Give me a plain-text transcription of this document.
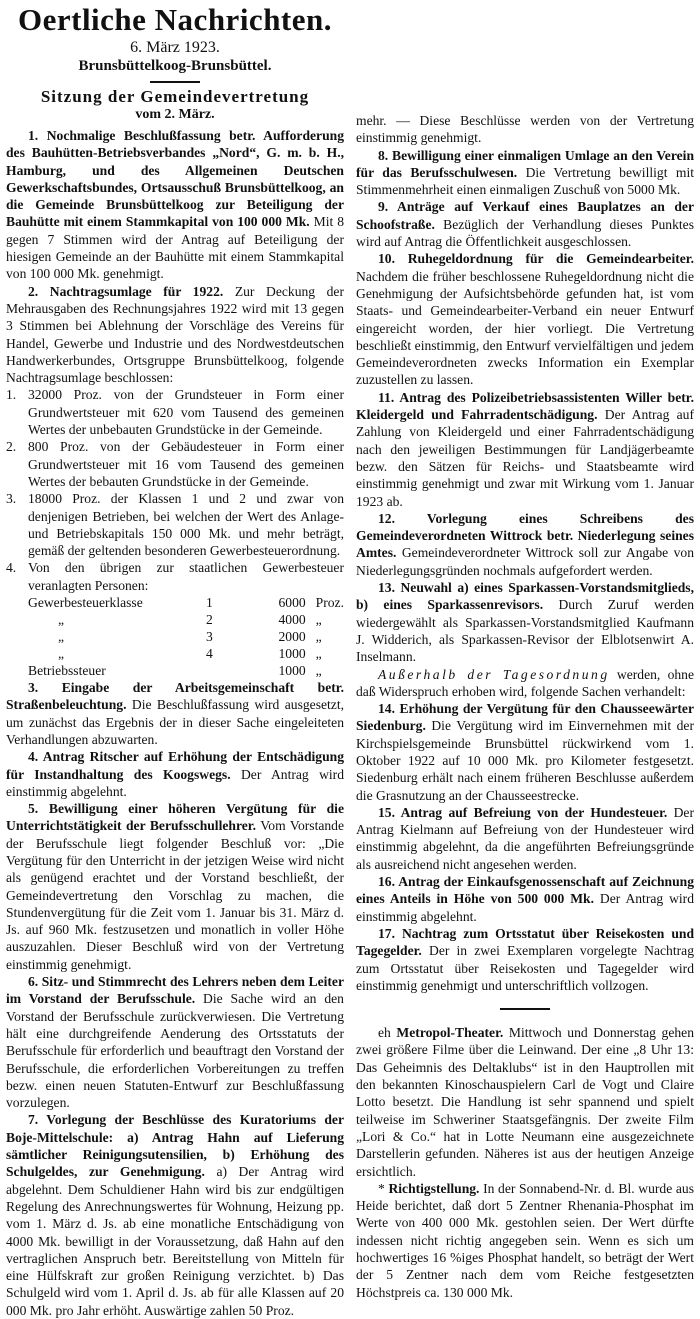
Oertliche Nachrichten.
6. März 1923.
Brunsbüttelkoog-Brunsbüttel.
Sitzung der Gemeindevertretung
vom 2. März.

1. Nochmalige Beschlußfassung betr. Aufforderung des Bauhütten-Betriebsverbandes „Nord“, G. m. b. H., Hamburg, und des Allgemeinen Deutschen Gewerkschaftsbundes, Ortsausschuß Brunsbüttelkoog, an die Gemeinde Brunsbüttelkoog zur Beteiligung der Bauhütte mit einem Stammkapital von 100 000 Mk. Mit 8 gegen 7 Stimmen wird der Antrag auf Beteiligung der hiesigen Gemeinde an der Bauhütte mit einem Stammkapital von 100 000 Mk. genehmigt.

2. Nachtragsumlage für 1922. Zur Deckung der Mehrausgaben des Rechnungsjahres 1922 wird mit 13 gegen 3 Stimmen bei Ablehnung der Vorschläge des Vereins für Handel, Gewerbe und Industrie und des Nordwestdeutschen Handwerkerbundes, Ortsgruppe Brunsbüttelkoog, folgende Nachtragsumlage beschlossen:

1. 32000 Proz. von der Grundsteuer in Form einer Grundwertsteuer mit 620 vom Tausend des gemeinen Wertes der unbebauten Grundstücke in der Gemeinde.
2. 800 Proz. von der Gebäudesteuer in Form einer Grundwertsteuer mit 16 vom Tausend des gemeinen Wertes der bebauten Grundstücke in der Gemeinde.
3. 18000 Proz. der Klassen 1 und 2 und zwar von denjenigen Betrieben, bei welchen der Wert des Anlage- und Betriebskapitals 150 000 Mk. und mehr beträgt, gemäß der geltenden besonderen Gewerbesteuerordnung.
4. Von den übrigen zur staatlichen Gewerbesteuer veranlagten Personen:
Gewerbesteuerklasse	1	6000	Proz.
„	2	4000	„
„	3	2000	„
„	4	1000	„
Betriebssteuer		1000	„

3. Eingabe der Arbeitsgemeinschaft betr. Straßenbeleuchtung. Die Beschlußfassung wird ausgesetzt, um zunächst das Ergebnis der in dieser Sache eingeleiteten Verhandlungen abzuwarten.

4. Antrag Ritscher auf Erhöhung der Entschädigung für Instandhaltung des Koogswegs. Der Antrag wird einstimmig abgelehnt.

5. Bewilligung einer höheren Vergütung für die Unterrichtstätigkeit der Berufsschullehrer. Vom Vorstande der Berufsschule liegt folgender Beschluß vor: „Die Vergütung für den Unterricht in der jetzigen Weise wird nicht als genügend erachtet und der Vorstand beschließt, der Gemeindevertretung den Vorschlag zu machen, die Stundenvergütung für die Zeit vom 1. Januar bis 31. März d. Js. auf 960 Mk. festzusetzen und monatlich in voller Höhe auszuzahlen. Dieser Beschluß wird von der Vertretung einstimmig genehmigt.

6. Sitz- und Stimmrecht des Lehrers neben dem Leiter im Vorstand der Berufsschule. Die Sache wird an den Vorstand der Berufsschule zurückverwiesen. Die Vertretung hält eine durchgreifende Aenderung des Ortsstatuts der Berufsschule für erforderlich und beauftragt den Vorstand der Berufsschule, die erforderlichen Vorbereitungen zu treffen bezw. einen neuen Statuten-Entwurf zur Beschlußfassung vorzulegen.

7. Vorlegung der Beschlüsse des Kuratoriums der Boje-Mittelschule: a) Antrag Hahn auf Lieferung sämtlicher Reinigungsutensilien, b) Erhöhung des Schulgeldes, zur Genehmigung. a) Der Antrag wird abgelehnt. Dem Schuldiener Hahn wird bis zur endgültigen Regelung des Anrechnungswertes für Wohnung, Heizung pp. vom 1. März d. Js. ab eine monatliche Entschädigung von 4000 Mk. bewilligt in der Voraussetzung, daß Hahn auf den vertraglichen Anspruch betr. Bereitstellung von Mitteln für eine Hülfskraft zur großen Reinigung verzichtet. b) Das Schulgeld wird vom 1. April d. Js. ab für alle Klassen auf 20 000 Mk. pro Jahr erhöht. Auswärtige zahlen 50 Proz.

mehr. — Diese Beschlüsse werden von der Vertretung einstimmig genehmigt.

8. Bewilligung einer einmaligen Umlage an den Verein für das Berufsschulwesen. Die Vertretung bewilligt mit Stimmenmehrheit einen einmaligen Zuschuß von 5000 Mk.

9. Anträge auf Verkauf eines Bauplatzes an der Schoofstraße. Bezüglich der Verhandlung dieses Punktes wird auf Antrag die Öffentlichkeit ausgeschlossen.

10. Ruhegeldordnung für die Gemeindearbeiter. Nachdem die früher beschlossene Ruhegeldordnung nicht die Genehmigung der Aufsichtsbehörde gefunden hat, ist vom Staats- und Gemeindearbeiter-Verband ein neuer Entwurf eingereicht worden, der hier vorliegt. Die Vertretung beschließt einstimmig, den Entwurf vervielfältigen und jedem Gemeindeverordneten zwecks Information ein Exemplar zuzustellen zu lassen.

11. Antrag des Polizeibetriebsassistenten Willer betr. Kleidergeld und Fahrradentschädigung. Der Antrag auf Zahlung von Kleidergeld und einer Fahrradentschädigung nach den jeweiligen Bestimmungen für Landjägerbeamte bezw. den Sätzen für Reichs- und Staatsbeamte wird einstimmig genehmigt und zwar mit Wirkung vom 1. Januar 1923 ab.

12. Vorlegung eines Schreibens des Gemeindeverordneten Wittrock betr. Niederlegung seines Amtes. Gemeindeverordneter Wittrock soll zur Angabe von Niederlegungsgründen nochmals aufgefordert werden.

13. Neuwahl a) eines Sparkassen-Vorstandsmitglieds, b) eines Sparkassenrevisors. Durch Zuruf werden wiedergewählt als Sparkassen-Vorstandsmitglied Kaufmann J. Widderich, als Sparkassen-Revisor der Elblotsenwirt A. Inselmann.

Außerhalb der Tagesordnung werden, ohne daß Widerspruch erhoben wird, folgende Sachen verhandelt:

14. Erhöhung der Vergütung für den Chausseewärter Siedenburg. Die Vergütung wird im Einvernehmen mit der Kirchspielsgemeinde Brunsbüttel rückwirkend vom 1. Oktober 1922 auf 10 000 Mk. pro Kilometer festgesetzt. Siedenburg erhält nach einem früheren Beschlusse außerdem die Grasnutzung an der Chausseestrecke.

15. Antrag auf Befreiung von der Hundesteuer. Der Antrag Kielmann auf Befreiung von der Hundesteuer wird einstimmig abgelehnt, da die angeführten Befreiungsgründe als ausreichend nicht angesehen werden.

16. Antrag der Einkaufsgenossenschaft auf Zeichnung eines Anteils in Höhe von 500 000 Mk. Der Antrag wird einstimmig abgelehnt.

17. Nachtrag zum Ortsstatut über Reisekosten und Tagegelder. Der in zwei Exemplaren vorgelegte Nachtrag zum Ortsstatut über Reisekosten und Tagegelder wird einstimmig genehmigt und unterschriftlich vollzogen.

eh Metropol-Theater. Mittwoch und Donnerstag gehen zwei größere Filme über die Leinwand. Der eine „8 Uhr 13: Das Geheimnis des Deltaklubs“ ist in den Hauptrollen mit den bekannten Kinoschauspielern Carl de Vogt und Claire Lotto besetzt. Die Handlung ist sehr spannend und spielt teilweise im Schweriner Staatsgefängnis. Der zweite Film „Lori & Co.“ hat in Lotte Neumann eine ausgezeichnete Darstellerin gefunden. Näheres ist aus der heutigen Anzeige ersichtlich.

* Richtigstellung. In der Sonnabend-Nr. d. Bl. wurde aus Heide berichtet, daß dort 5 Zentner Rhenania-Phosphat im Werte von 400 000 Mk. gestohlen seien. Der Wert dürfte indessen nicht richtig angegeben sein. Wenn es sich um hochwertiges 16 %iges Phosphat handelt, so beträgt der Wert der 5 Zentner nach dem vom Reiche festgesetzten Höchstpreis ca. 130 000 Mk.
